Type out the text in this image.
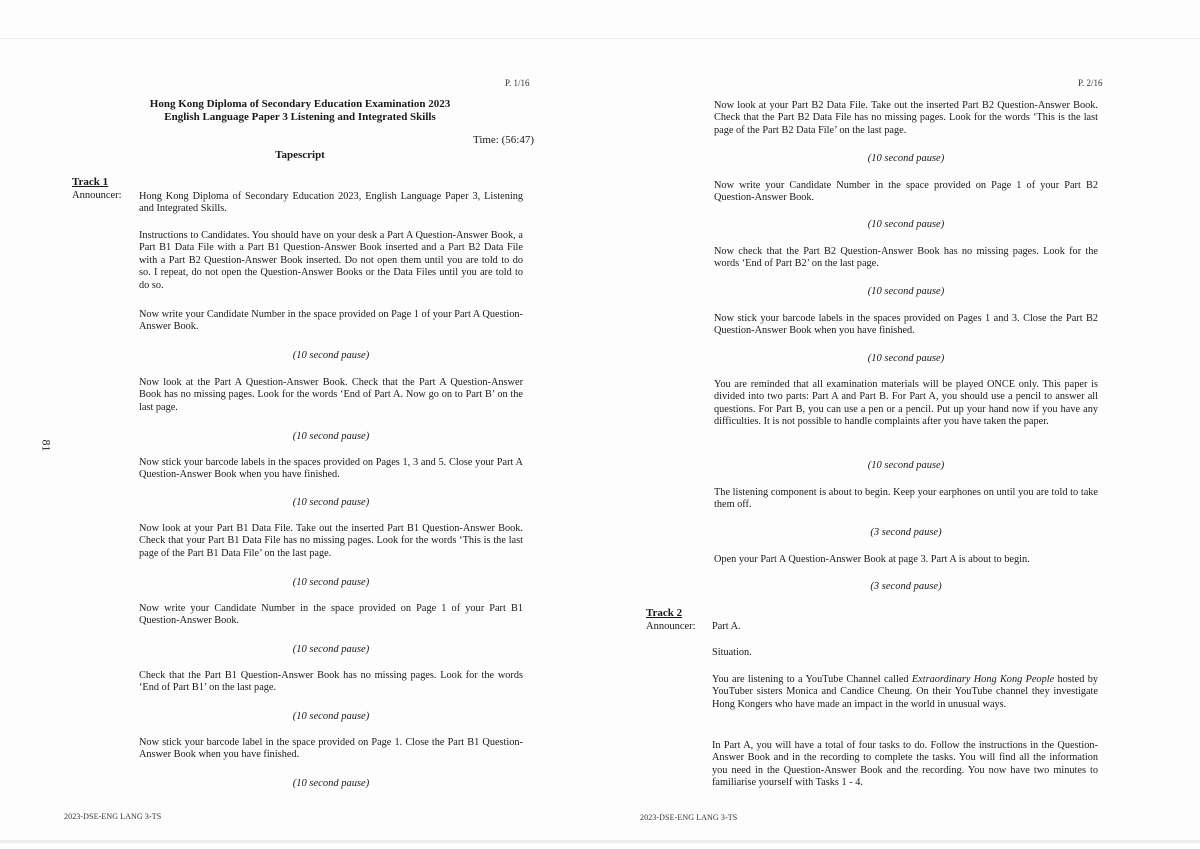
P. 1/16
Hong Kong Diploma of Secondary Education Examination 2023
English Language Paper 3 Listening and Integrated Skills
Time: (56:47)
Tapescript
Track 1
Announcer:
81
Hong Kong Diploma of Secondary Education 2023, English Language Paper 3, Listening and Integrated Skills.
Instructions to Candidates. You should have on your desk a Part A Question-Answer Book, a Part B1 Data File with a Part B1 Question-Answer Book inserted and a Part B2 Data File with a Part B2 Question-Answer Book inserted. Do not open them until you are told to do so. I repeat, do not open the Question-Answer Books or the Data Files until you are told to do so.
Now write your Candidate Number in the space provided on Page 1 of your Part A Question-Answer Book.
(10 second pause)
Now look at the Part A Question-Answer Book. Check that the Part A Question-Answer Book has no missing pages. Look for the words ‘End of Part A. Now go on to Part B’ on the last page.
(10 second pause)
Now stick your barcode labels in the spaces provided on Pages 1, 3 and 5. Close your Part A Question-Answer Book when you have finished.
(10 second pause)
Now look at your Part B1 Data File. Take out the inserted Part B1 Question-Answer Book. Check that your Part B1 Data File has no missing pages. Look for the words ‘This is the last page of the Part B1 Data File’ on the last page.
(10 second pause)
Now write your Candidate Number in the space provided on Page 1 of your Part B1 Question-Answer Book.
(10 second pause)
Check that the Part B1 Question-Answer Book has no missing pages. Look for the words ‘End of Part B1’ on the last page.
(10 second pause)
Now stick your barcode label in the space provided on Page 1. Close the Part B1 Question-Answer Book when you have finished.
(10 second pause)
2023-DSE-ENG LANG 3-TS
P. 2/16
Now look at your Part B2 Data File. Take out the inserted Part B2 Question-Answer Book. Check that the Part B2 Data File has no missing pages. Look for the words ‘This is the last page of the Part B2 Data File’ on the last page.
(10 second pause)
Now write your Candidate Number in the space provided on Page 1 of your Part B2 Question-Answer Book.
(10 second pause)
Now check that the Part B2 Question-Answer Book has no missing pages. Look for the words ‘End of Part B2’ on the last page.
(10 second pause)
Now stick your barcode labels in the spaces provided on Pages 1 and 3. Close the Part B2 Question-Answer Book when you have finished.
(10 second pause)
You are reminded that all examination materials will be played ONCE only. This paper is divided into two parts: Part A and Part B. For Part A, you should use a pencil to answer all questions. For Part B, you can use a pen or a pencil. Put up your hand now if you have any difficulties. It is not possible to handle complaints after you have taken the paper.
(10 second pause)
The listening component is about to begin. Keep your earphones on until you are told to take them off.
(3 second pause)
Open your Part A Question-Answer Book at page 3. Part A is about to begin.
(3 second pause)
Track 2
Announcer: Part A.
Situation.
You are listening to a YouTube Channel called Extraordinary Hong Kong People hosted by YouTuber sisters Monica and Candice Cheung. On their YouTube channel they investigate Hong Kongers who have made an impact in the world in unusual ways.
In Part A, you will have a total of four tasks to do. Follow the instructions in the Question-Answer Book and in the recording to complete the tasks. You will find all the information you need in the Question-Answer Book and the recording. You now have two minutes to familiarise yourself with Tasks 1 - 4.
2023-DSE-ENG LANG 3-TS
